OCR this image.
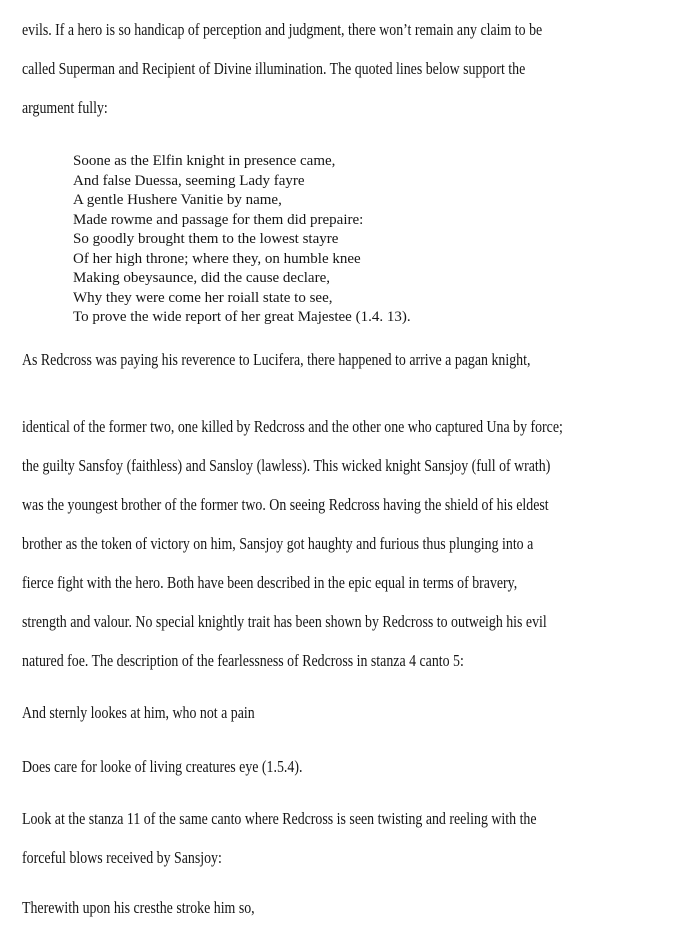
evils. If a hero is so handicap of perception and judgment, there won’t remain any claim to be
called Superman and Recipient of Divine illumination. The quoted lines below support the
argument fully:
Soone as the Elfin knight in presence came,
And false Duessa, seeming Lady fayre
A gentle Hushere Vanitie by name,
Made rowme and passage for them did prepaire:
So goodly brought them to the lowest stayre
Of her high throne; where they, on humble knee
Making obeysaunce, did the cause declare,
Why they were come her roiall state to see,
To prove the wide report of her great Majestee (1.4. 13).
As Redcross was paying his reverence to Lucifera, there happened to arrive a pagan knight,
identical of the former two, one killed by Redcross and the other one who captured Una by force;
the guilty Sansfoy (faithless) and Sansloy (lawless). This wicked knight Sansjoy (full of wrath)
was the youngest brother of the former two. On seeing Redcross having the shield of his eldest
brother as the token of victory on him, Sansjoy got haughty and furious thus plunging into a
fierce fight with the hero. Both have been described in the epic equal in terms of bravery,
strength and valour. No special knightly trait has been shown by Redcross to outweigh his evil
natured foe. The description of the fearlessness of Redcross in stanza 4 canto 5:
And sternly lookes at him, who not a pain
Does care for looke of living creatures eye (1.5.4).
Look at the stanza 11 of the same canto where Redcross is seen twisting and reeling with the
forceful blows received by Sansjoy:
Therewith upon his cresthe stroke him so,
